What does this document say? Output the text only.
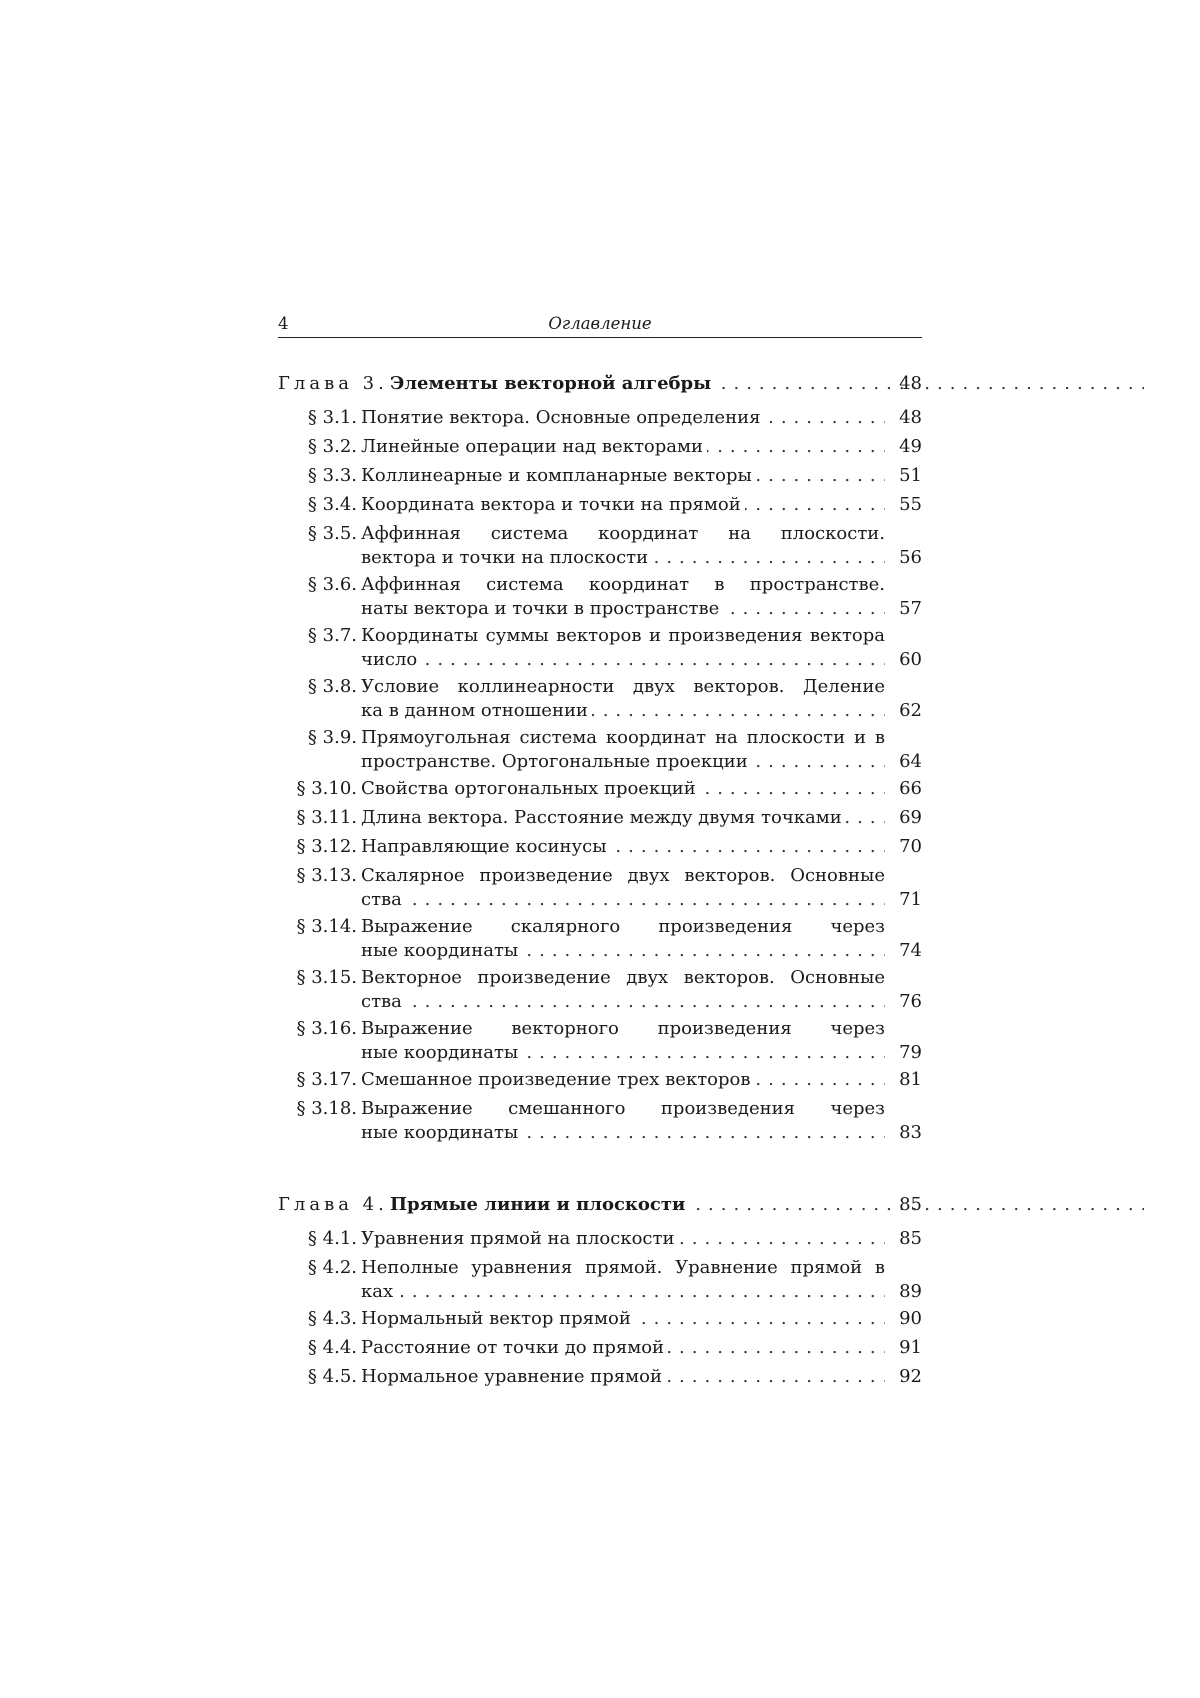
4	Оглавление
Глава 3. Элементы векторной алгебры
..................................
48
§ 3.1. Понятие вектора. Основные определения	48
§ 3.2. Линейные операции над векторами	49
§ 3.3. Коллинеарные и компланарные векторы	51
§ 3.4. Координата вектора и точки на прямой	55
§ 3.5. Аффинная система координат на плоскости.
вектора и точки на плоскости	56
§ 3.6. Аффинная система координат в пространстве.
наты вектора и точки в пространстве	57
§ 3.7. Координаты суммы векторов и произведения вектора
число
......................................... 60
§ 3.8. Условие коллинеарности двух векторов. Деление
ка в данном отношении
............................. 62
§ 3.9. Прямоугольная система координат на плоскости и в
пространстве. Ортогональные проекции	64
§ 3.10. Свойства ортогональных проекций	66
§ 3.11. Длина вектора. Расстояние между двумя точками	69
§ 3.12. Направляющие косинусы
....................... 70
§ 3.13. Скалярное произведение двух векторов. Основные
ства
......................................... 71
§ 3.14. Выражение скалярного произведения через
ные координаты
............................. 74
§ 3.15. Векторное произведение двух векторов. Основные
ства
......................................... 76
§ 3.16. Выражение векторного произведения через
ные координаты
............................. 79
§ 3.17. Смешанное произведение трех векторов	81
§ 3.18. Выражение смешанного произведения через
ные координаты
............................. 83
Глава 4. Прямые линии и плоскости
...........................................................
85
§ 4.1. Уравнения прямой на плоскости	85
§ 4.2. Неполные уравнения прямой. Уравнение прямой в
ках
......................................... 89
§ 4.3. Нормальный вектор прямой	90
§ 4.4. Расстояние от точки до прямой	91
§ 4.5. Нормальное уравнение прямой	92
